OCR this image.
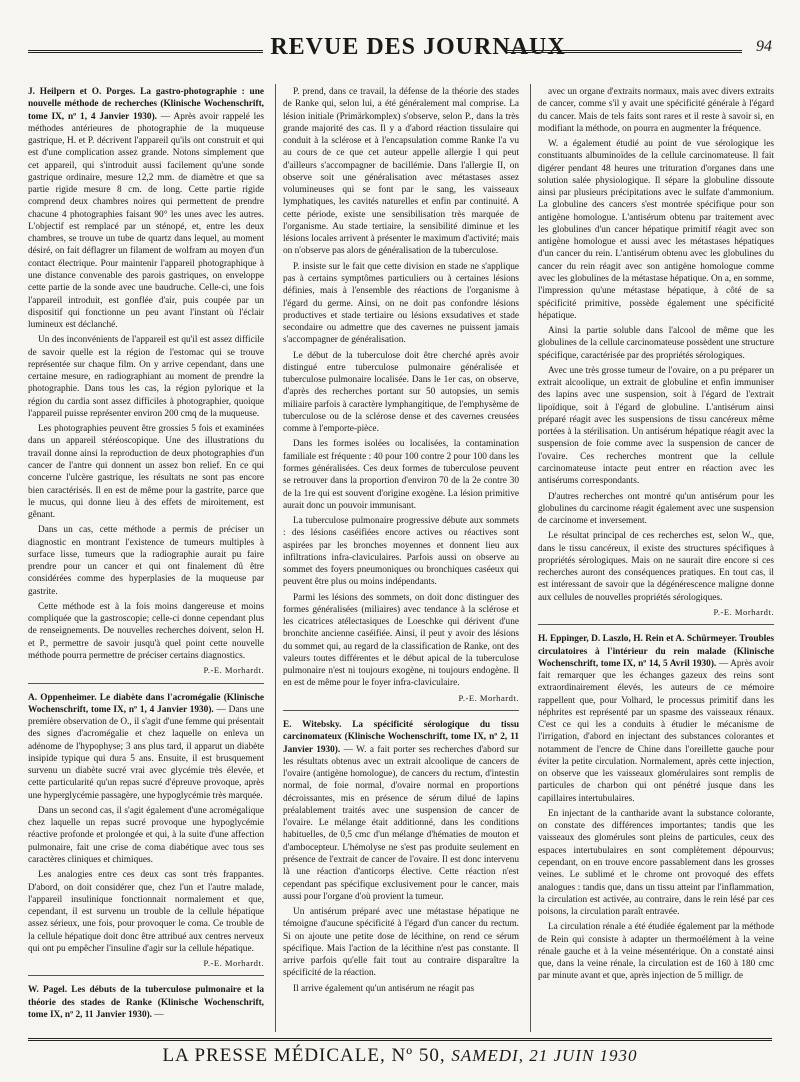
REVUE DES JOURNAUX	94

J. Heilpern et O. Porges. La gastro-photographie : une nouvelle méthode de recherches (Klinische Wochenschrift, tome IX, nº 1, 4 Janvier 1930). — Après avoir rappelé les méthodes antérieures de photographie de la muqueuse gastrique, H. et P. décrivent l'appareil qu'ils ont construit et qui est d'une complication assez grande. Notons simplement que cet appareil, qui s'introduit aussi facilement qu'une sonde gastrique ordinaire, mesure 12,2 mm. de diamètre et que sa partie rigide mesure 8 cm. de long. Cette partie rigide comprend deux chambres noires qui permettent de prendre chacune 4 photographies faisant 90° les unes avec les autres. L'objectif est remplacé par un sténopé, et, entre les deux chambres, se trouve un tube de quartz dans lequel, au moment désiré, on fait déflagrer un filament de wolfram au moyen d'un contact électrique. Pour maintenir l'appareil photographique à une distance convenable des parois gastriques, on enveloppe cette partie de la sonde avec une baudruche. Celle-ci, une fois l'appareil introduit, est gonflée d'air, puis coupée par un dispositif qui fonctionne un peu avant l'instant où l'éclair lumineux est déclanché.

Un des inconvénients de l'appareil est qu'il est assez difficile de savoir quelle est la région de l'estomac qui se trouve représentée sur chaque film. On y arrive cependant, dans une certaine mesure, en radiographiant au moment de prendre la photographie. Dans tous les cas, la région pylorique et la région du cardia sont assez difficiles à photographier, quoique l'appareil puisse représenter environ 200 cmq de la muqueuse.

Les photographies peuvent être grossies 5 fois et examinées dans un appareil stéréoscopique. Une des illustrations du travail donne ainsi la reproduction de deux photographies d'un cancer de l'antre qui donnent un assez bon relief. En ce qui concerne l'ulcère gastrique, les résultats ne sont pas encore bien caractérisés. Il en est de même pour la gastrite, parce que le mucus, qui donne lieu à des effets de miroitement, est gênant.

Dans un cas, cette méthode a permis de préciser un diagnostic en montrant l'existence de tumeurs multiples à surface lisse, tumeurs que la radiographie aurait pu faire prendre pour un cancer et qui ont finalement dû être considérées comme des hyperplasies de la muqueuse par gastrite.

Cette méthode est à la fois moins dangereuse et moins compliquée que la gastroscopie; celle-ci donne cependant plus de renseignements. De nouvelles recherches doivent, selon H. et P., permettre de savoir jusqu'à quel point cette nouvelle méthode pourra permettre de préciser certains diagnostics.

P.-E. Morhardt.

A. Oppenheimer. Le diabète dans l'acromégalie (Klinische Wochenschrift, tome IX, nº 1, 4 Janvier 1930). — Dans une première observation de O., il s'agit d'une femme qui présentait des signes d'acromégalie et chez laquelle on enleva un adénome de l'hypophyse; 3 ans plus tard, il apparut un diabète insipide typique qui dura 5 ans. Ensuite, il est brusquement survenu un diabète sucré vrai avec glycémie très élevée, et cette particularité qu'un repas sucré d'épreuve provoque, après une hyperglycémie passagère, une hypoglycémie très marquée.

Dans un second cas, il s'agit également d'une acromégalique chez laquelle un repas sucré provoque une hypoglycémie réactive profonde et prolongée et qui, à la suite d'une affection pulmonaire, fait une crise de coma diabétique avec tous ses caractères cliniques et chimiques.

Les analogies entre ces deux cas sont très frappantes. D'abord, on doit considérer que, chez l'un et l'autre malade, l'appareil insulinique fonctionnait normalement et que, cependant, il est survenu un trouble de la cellule hépatique assez sérieux, une fois, pour provoquer le coma. Ce trouble de la cellule hépatique doit donc être attribué aux centres nerveux qui ont pu empêcher l'insuline d'agir sur la cellule hépatique.

P.-E. Morhardt.

W. Pagel. Les débuts de la tuberculose pulmonaire et la théorie des stades de Ranke (Klinische Wochenschrift, tome IX, nº 2, 11 Janvier 1930). —

P. prend, dans ce travail, la défense de la théorie des stades de Ranke qui, selon lui, a été généralement mal comprise. La lésion initiale (Primärkomplex) s'observe, selon P., dans la très grande majorité des cas. Il y a d'abord réaction tissulaire qui conduit à la sclérose et à l'encapsulation comme Ranke l'a vu au cours de ce que cet auteur appelle allergie I qui peut d'ailleurs s'accompagner de bacillémie. Dans l'allergie II, on observe soit une généralisation avec métastases assez volumineuses qui se font par le sang, les vaisseaux lymphatiques, les cavités naturelles et enfin par continuité. A cette période, existe une sensibilisation très marquée de l'organisme. Au stade tertiaire, la sensibilité diminue et les lésions locales arrivent à présenter le maximum d'activité; mais on n'observe pas alors de généralisation de la tuberculose.

P. insiste sur le fait que cette division en stade ne s'applique pas à certains symptômes particuliers ou à certaines lésions définies, mais à l'ensemble des réactions de l'organisme à l'égard du germe. Ainsi, on ne doit pas confondre lésions productives et stade tertiaire ou lésions exsudatives et stade secondaire ou admettre que des cavernes ne puissent jamais s'accompagner de généralisation.

Le début de la tuberculose doit être cherché après avoir distingué entre tuberculose pulmonaire généralisée et tuberculose pulmonaire localisée. Dans le 1er cas, on observe, d'après des recherches portant sur 50 autopsies, un semis miliaire parfois à caractère lymphangitique, de l'emphysème de tuberculose ou de la sclérose dense et des cavernes creusées comme à l'emporte-pièce.

Dans les formes isolées ou localisées, la contamination familiale est fréquente : 40 pour 100 contre 2 pour 100 dans les formes généralisées. Ces deux formes de tuberculose peuvent se retrouver dans la proportion d'environ 70 de la 2e contre 30 de la 1re qui est souvent d'origine exogène. La lésion primitive aurait donc un pouvoir immunisant.

La tuberculose pulmonaire progressive débute aux sommets : des lésions caséifiées encore actives ou réactives sont aspirées par les bronches moyennes et donnent lieu aux infiltrations infra-claviculaires. Parfois aussi on observe au sommet des foyers pneumoniques ou bronchiques caséeux qui peuvent être plus ou moins indépendants.

Parmi les lésions des sommets, on doit donc distinguer des formes généralisées (miliaires) avec tendance à la sclérose et les cicatrices atélectasiques de Loeschke qui dérivent d'une bronchite ancienne caséifiée. Ainsi, il peut y avoir des lésions du sommet qui, au regard de la classification de Ranke, ont des valeurs toutes différentes et le début apical de la tuberculose pulmonaire n'est ni toujours exogène, ni toujours endogène. Il en est de même pour le foyer infra-claviculaire.

P.-E. Morhardt.

E. Witebsky. La spécificité sérologique du tissu carcinomateux (Klinische Wochenschrift, tome IX, nº 2, 11 Janvier 1930). — W. a fait porter ses recherches d'abord sur les résultats obtenus avec un extrait alcoolique de cancers de l'ovaire (antigène homologue), de cancers du rectum, d'intestin normal, de foie normal, d'ovaire normal en proportions décroissantes, mis en présence de sérum dilué de lapins préalablement traités avec une suspension de cancer de l'ovaire. Le mélange était additionné, dans les conditions habituelles, de 0,5 cmc d'un mélange d'hématies de mouton et d'ambocepteur. L'hémolyse ne s'est pas produite seulement en présence de l'extrait de cancer de l'ovaire. Il est donc intervenu là une réaction d'anticorps élective. Cette réaction n'est cependant pas spécifique exclusivement pour le cancer, mais aussi pour l'organe d'où provient la tumeur.

Un antisérum préparé avec une métastase hépatique ne témoigne d'aucune spécificité à l'égard d'un cancer du rectum. Si on ajoute une petite dose de lécithine, on rend ce sérum spécifique. Mais l'action de la lécithine n'est pas constante. Il arrive parfois qu'elle fait tout au contraire disparaître la spécificité de la réaction.

Il arrive également qu'un antisérum ne réagit pas

avec un organe d'extraits normaux, mais avec divers extraits de cancer, comme s'il y avait une spécificité générale à l'égard du cancer. Mais de tels faits sont rares et il reste à savoir si, en modifiant la méthode, on pourra en augmenter la fréquence.

W. a également étudié au point de vue sérologique les constituants albuminoïdes de la cellule carcinomateuse. Il fait digérer pendant 48 heures une trituration d'organes dans une solution salée physiologique. Il sépare la globuline dissoute ainsi par plusieurs précipitations avec le sulfate d'ammonium. La globuline des cancers s'est montrée spécifique pour son antigène homologue. L'antisérum obtenu par traitement avec les globulines d'un cancer hépatique primitif réagit avec son antigène homologue et aussi avec les métastases hépatiques d'un cancer du rein. L'antisérum obtenu avec les globulines du cancer du rein réagit avec son antigène homologue comme avec les globulines de la métastase hépatique. On a, en somme, l'impression qu'une métastase hépatique, à côté de sa spécificité primitive, possède également une spécificité hépatique.

Ainsi la partie soluble dans l'alcool de même que les globulines de la cellule carcinomateuse possèdent une structure spécifique, caractérisée par des propriétés sérologiques.

Avec une très grosse tumeur de l'ovaire, on a pu préparer un extrait alcoolique, un extrait de globuline et enfin immuniser des lapins avec une suspension, soit à l'égard de l'extrait lipoïdique, soit à l'égard de globuline. L'antisérum ainsi préparé réagit avec les suspensions de tissu cancéreux même portées à la stérilisation. Un antisérum hépatique réagit avec la suspension de foie comme avec la suspension de cancer de l'ovaire. Ces recherches montrent que la cellule carcinomateuse intacte peut entrer en réaction avec les antisérums correspondants.

D'autres recherches ont montré qu'un antisérum pour les globulines du carcinome réagit également avec une suspension de carcinome et inversement.

Le résultat principal de ces recherches est, selon W., que, dans le tissu cancéreux, il existe des structures spécifiques à propriétés sérologiques. Mais on ne saurait dire encore si ces recherches auront des conséquences pratiques. En tout cas, il est intéressant de savoir que la dégénérescence maligne donne aux cellules de nouvelles propriétés sérologiques.

P.-E. Morhardt.

H. Eppinger, D. Laszlo, H. Rein et A. Schürmeyer. Troubles circulatoires à l'intérieur du rein malade (Klinische Wochenschrift, tome IX, nº 14, 5 Avril 1930). — Après avoir fait remarquer que les échanges gazeux des reins sont extraordinairement élevés, les auteurs de ce mémoire rappellent que, pour Volhard, le processus primitif dans les néphrites est représenté par un spasme des vaisseaux rénaux. C'est ce qui les a conduits à étudier le mécanisme de l'irrigation, d'abord en injectant des substances colorantes et notamment de l'encre de Chine dans l'oreillette gauche pour éviter la petite circulation. Normalement, après cette injection, on observe que les vaisseaux glomérulaires sont remplis de particules de charbon qui ont pénétré jusque dans les capillaires intertubulaires.

En injectant de la cantharide avant la substance colorante, on constate des différences importantes; tandis que les vaisseaux des glomérules sont pleins de particules, ceux des espaces intertubulaires en sont complètement dépourvus; cependant, on en trouve encore passablement dans les grosses veines. Le sublimé et le chrome ont provoqué des effets analogues : tandis que, dans un tissu atteint par l'inflammation, la circulation est activée, au contraire, dans le rein lésé par ces poisons, la circulation paraît entravée.

La circulation rénale a été étudiée également par la méthode de Rein qui consiste à adapter un thermoélément à la veine rénale gauche et à la veine mésentérique. On a constaté ainsi que, dans la veine rénale, la circulation est de 160 à 180 cmc par minute avant et que, après injection de 5 milligr. de

LA PRESSE MÉDICALE, Nº 50, SAMEDI, 21 JUIN 1930
